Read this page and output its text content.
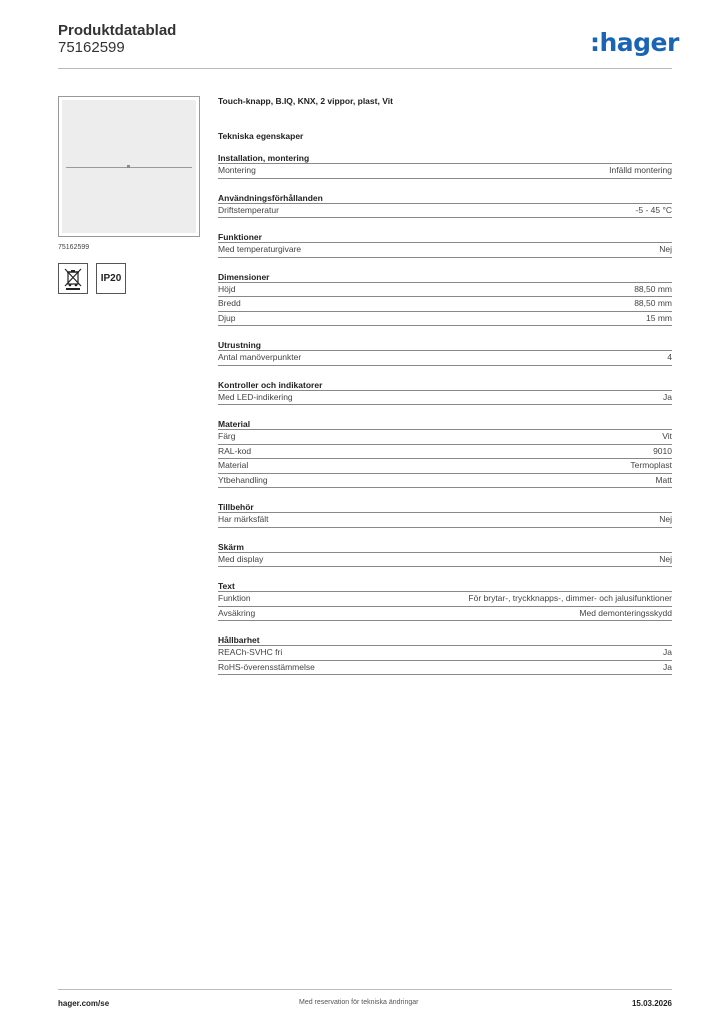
Produktdatablad
75162599	:hager
75162599
IP20
Touch-knapp, B.IQ, KNX, 2 vippor, plast, Vit
Tekniska egenskaper
Installation, montering
Montering	Infälld montering
Användningsförhållanden
Driftstemperatur	-5 - 45 °C
Funktioner
Med temperaturgivare	Nej
Dimensioner
Höjd	88,50 mm
Bredd	88,50 mm
Djup	15 mm
Utrustning
Antal manöverpunkter	4
Kontroller och indikatorer
Med LED-indikering	Ja
Material
Färg	Vit
RAL-kod	9010
Material	Termoplast
Ytbehandling	Matt
Tillbehör
Har märksfält	Nej
Skärm
Med display	Nej
Text
Funktion	För brytar-, tryckknapps-, dimmer- och jalusifunktioner
Avsäkring	Med demonteringsskydd
Hållbarhet
REACh-SVHC fri	Ja
RoHS-överensstämmelse	Ja
hager.com/se	Med reservation för tekniska ändringar	15.03.2026
